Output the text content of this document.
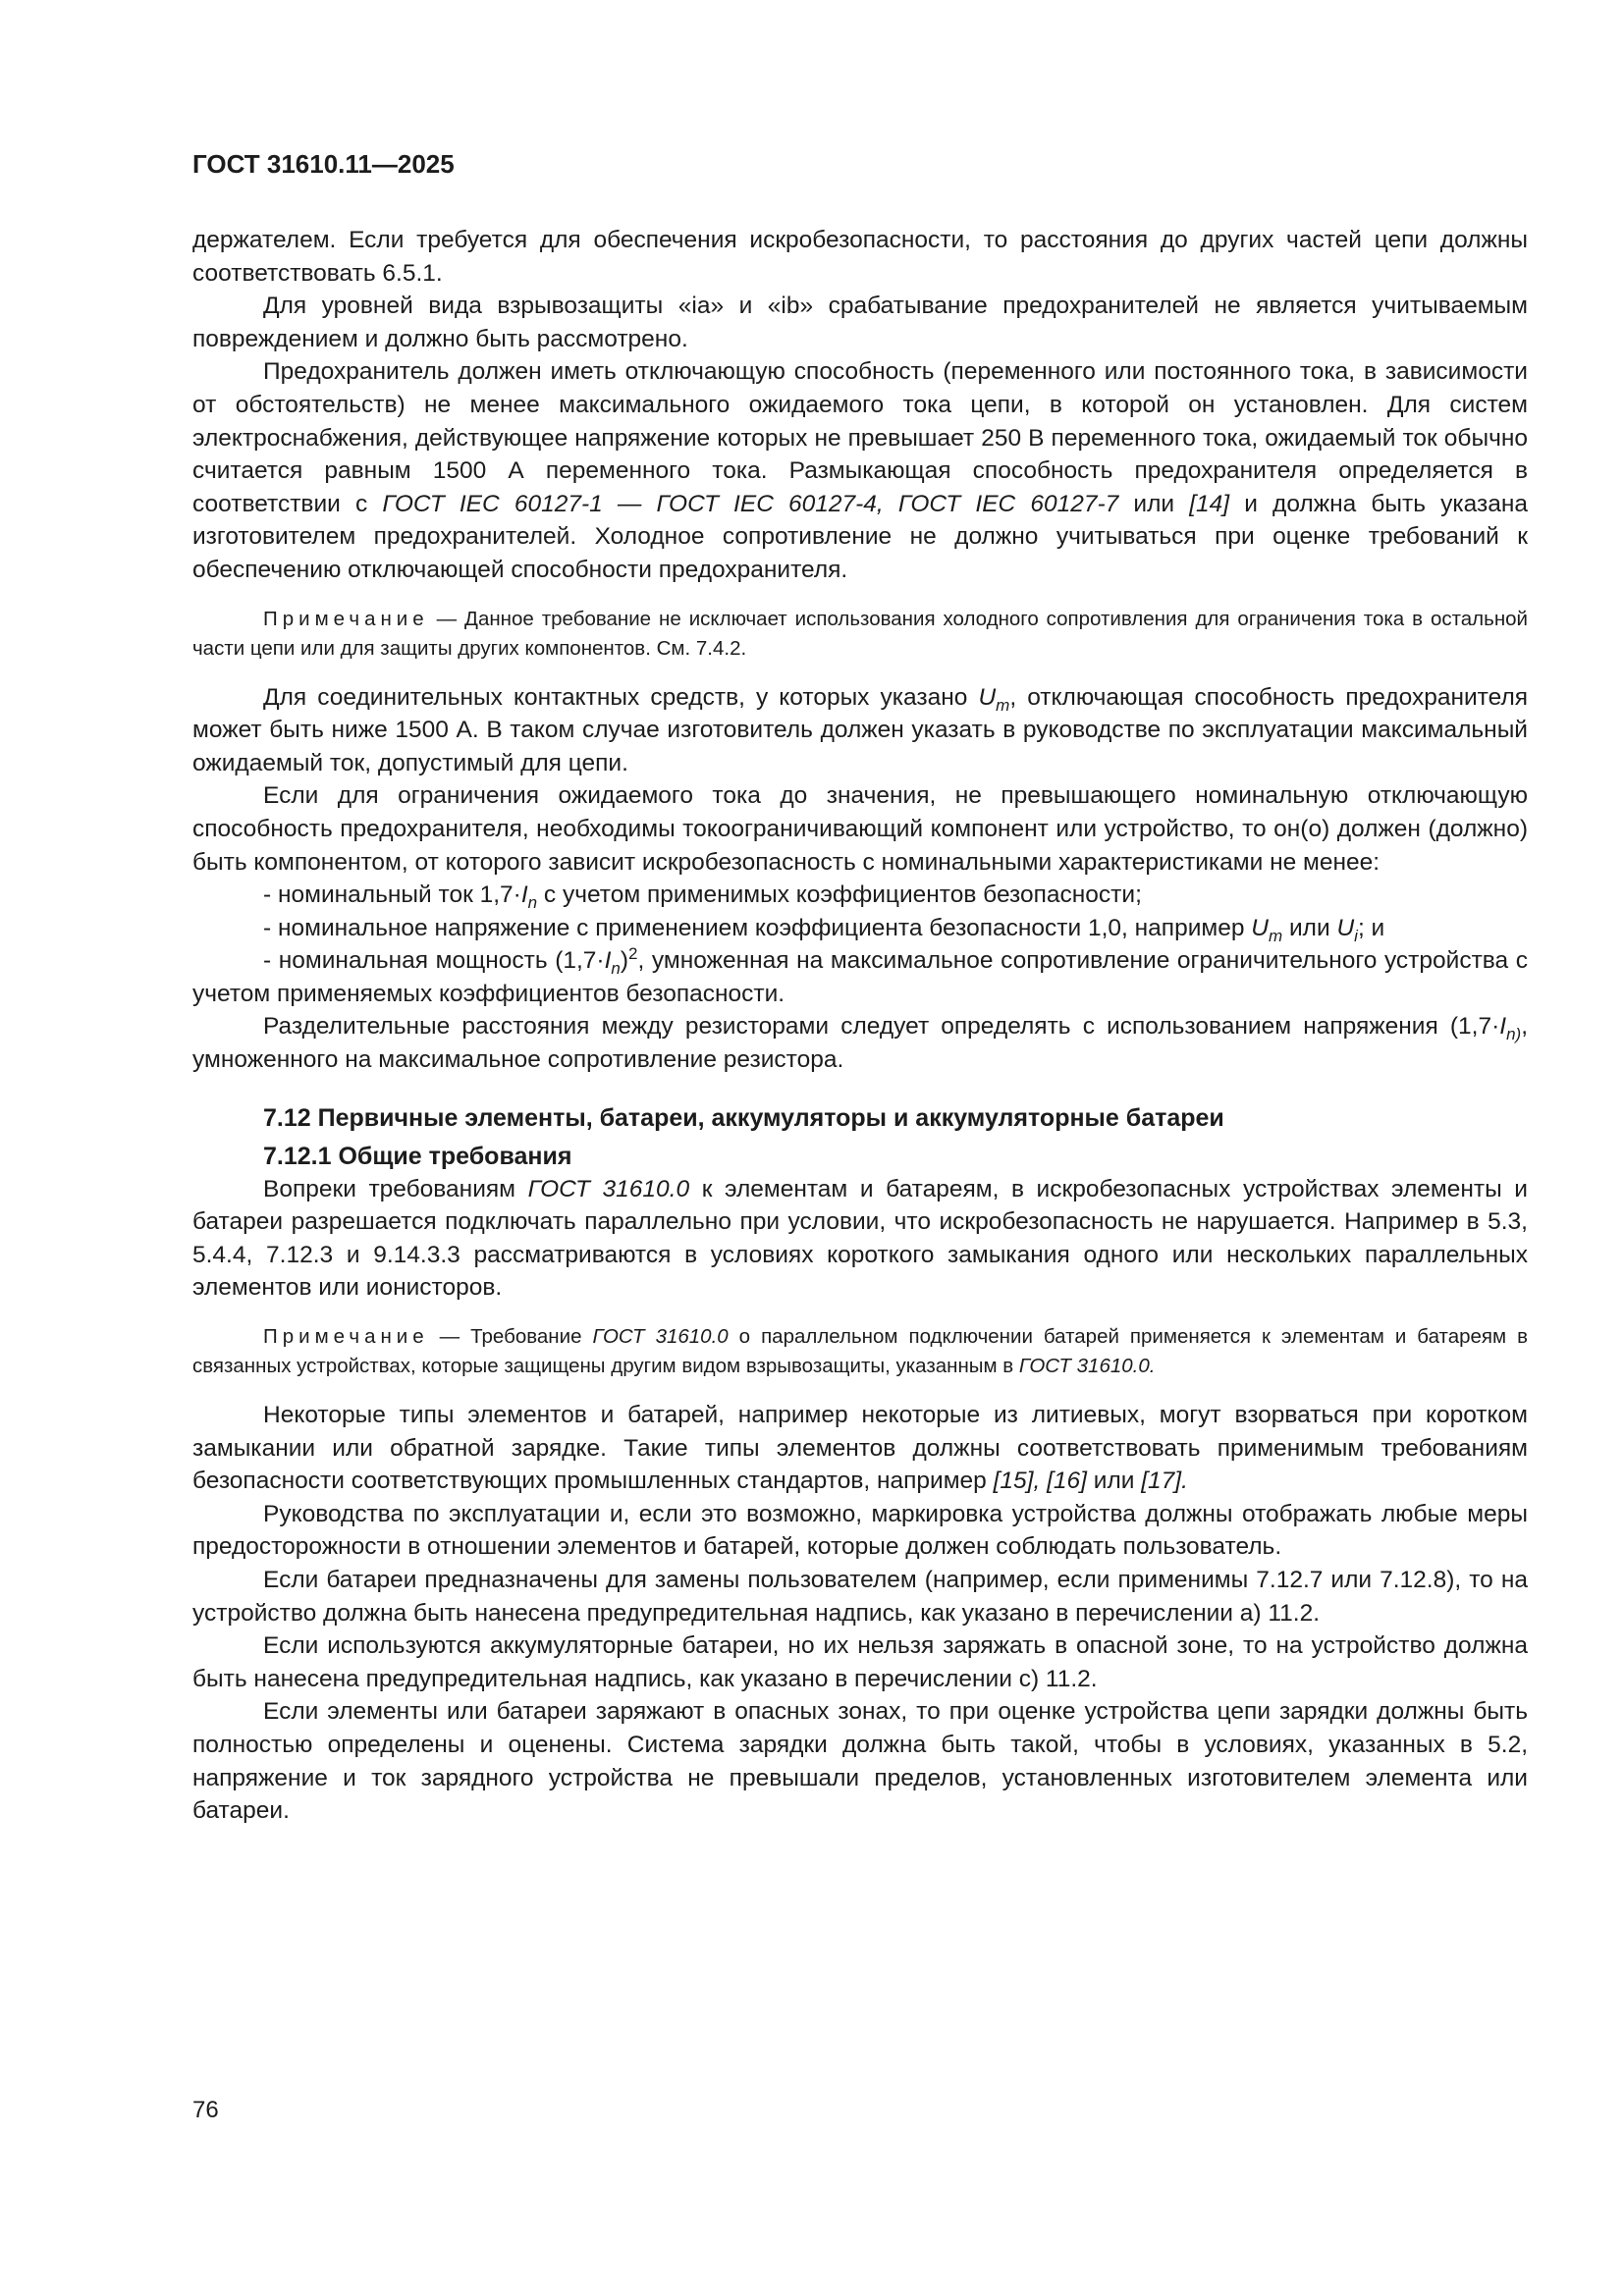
ГОСТ 31610.11—2025

держателем. Если требуется для обеспечения искробезопасности, то расстояния до других частей цепи должны соответствовать 6.5.1.

Для уровней вида взрывозащиты «ia» и «ib» срабатывание предохранителей не является учитываемым повреждением и должно быть рассмотрено.

Предохранитель должен иметь отключающую способность (переменного или постоянного тока, в зависимости от обстоятельств) не менее максимального ожидаемого тока цепи, в которой он установлен. Для систем электроснабжения, действующее напряжение которых не превышает 250 В переменного тока, ожидаемый ток обычно считается равным 1500 А переменного тока. Размыкающая способность предохранителя определяется в соответствии с ГОСТ IEC 60127-1 — ГОСТ IEC 60127-4, ГОСТ IEC 60127-7 или [14] и должна быть указана изготовителем предохранителей. Холодное сопротивление не должно учитываться при оценке требований к обеспечению отключающей способности предохранителя.

Примечание — Данное требование не исключает использования холодного сопротивления для ограничения тока в остальной части цепи или для защиты других компонентов. См. 7.4.2.

Для соединительных контактных средств, у которых указано $U_m$, отключающая способность предохранителя может быть ниже 1500 А. В таком случае изготовитель должен указать в руководстве по эксплуатации максимальный ожидаемый ток, допустимый для цепи.

Если для ограничения ожидаемого тока до значения, не превышающего номинальную отключающую способность предохранителя, необходимы токоограничивающий компонент или устройство, то он(о) должен (должно) быть компонентом, от которого зависит искробезопасность с номинальными характеристиками не менее:

- номинальный ток $1,7\cdot I_n$ с учетом применимых коэффициентов безопасности;

- номинальное напряжение с применением коэффициента безопасности 1,0, например $U_m$ или $U_i$; и

- номинальная мощность $(1,7\cdot I_n)^2$, умноженная на максимальное сопротивление ограничительного устройства с учетом применяемых коэффициентов безопасности.

Разделительные расстояния между резисторами следует определять с использованием напряжения ($1,7\cdot I_{n)}$, умноженного на максимальное сопротивление резистора.

7.12 Первичные элементы, батареи, аккумуляторы и аккумуляторные батареи
7.12.1 Общие требования

Вопреки требованиям ГОСТ 31610.0 к элементам и батареям, в искробезопасных устройствах элементы и батареи разрешается подключать параллельно при условии, что искробезопасность не нарушается. Например в 5.3, 5.4.4, 7.12.3 и 9.14.3.3 рассматриваются в условиях короткого замыкания одного или нескольких параллельных элементов или ионисторов.

Примечание — Требование ГОСТ 31610.0 о параллельном подключении батарей применяется к элементам и батареям в связанных устройствах, которые защищены другим видом взрывозащиты, указанным в ГОСТ 31610.0.

Некоторые типы элементов и батарей, например некоторые из литиевых, могут взорваться при коротком замыкании или обратной зарядке. Такие типы элементов должны соответствовать применимым требованиям безопасности соответствующих промышленных стандартов, например [15], [16] или [17].

Руководства по эксплуатации и, если это возможно, маркировка устройства должны отображать любые меры предосторожности в отношении элементов и батарей, которые должен соблюдать пользователь.

Если батареи предназначены для замены пользователем (например, если применимы 7.12.7 или 7.12.8), то на устройство должна быть нанесена предупредительная надпись, как указано в перечислении а) 11.2.

Если используются аккумуляторные батареи, но их нельзя заряжать в опасной зоне, то на устройство должна быть нанесена предупредительная надпись, как указано в перечислении с) 11.2.

Если элементы или батареи заряжают в опасных зонах, то при оценке устройства цепи зарядки должны быть полностью определены и оценены. Система зарядки должна быть такой, чтобы в условиях, указанных в 5.2, напряжение и ток зарядного устройства не превышали пределов, установленных изготовителем элемента или батареи.

76
